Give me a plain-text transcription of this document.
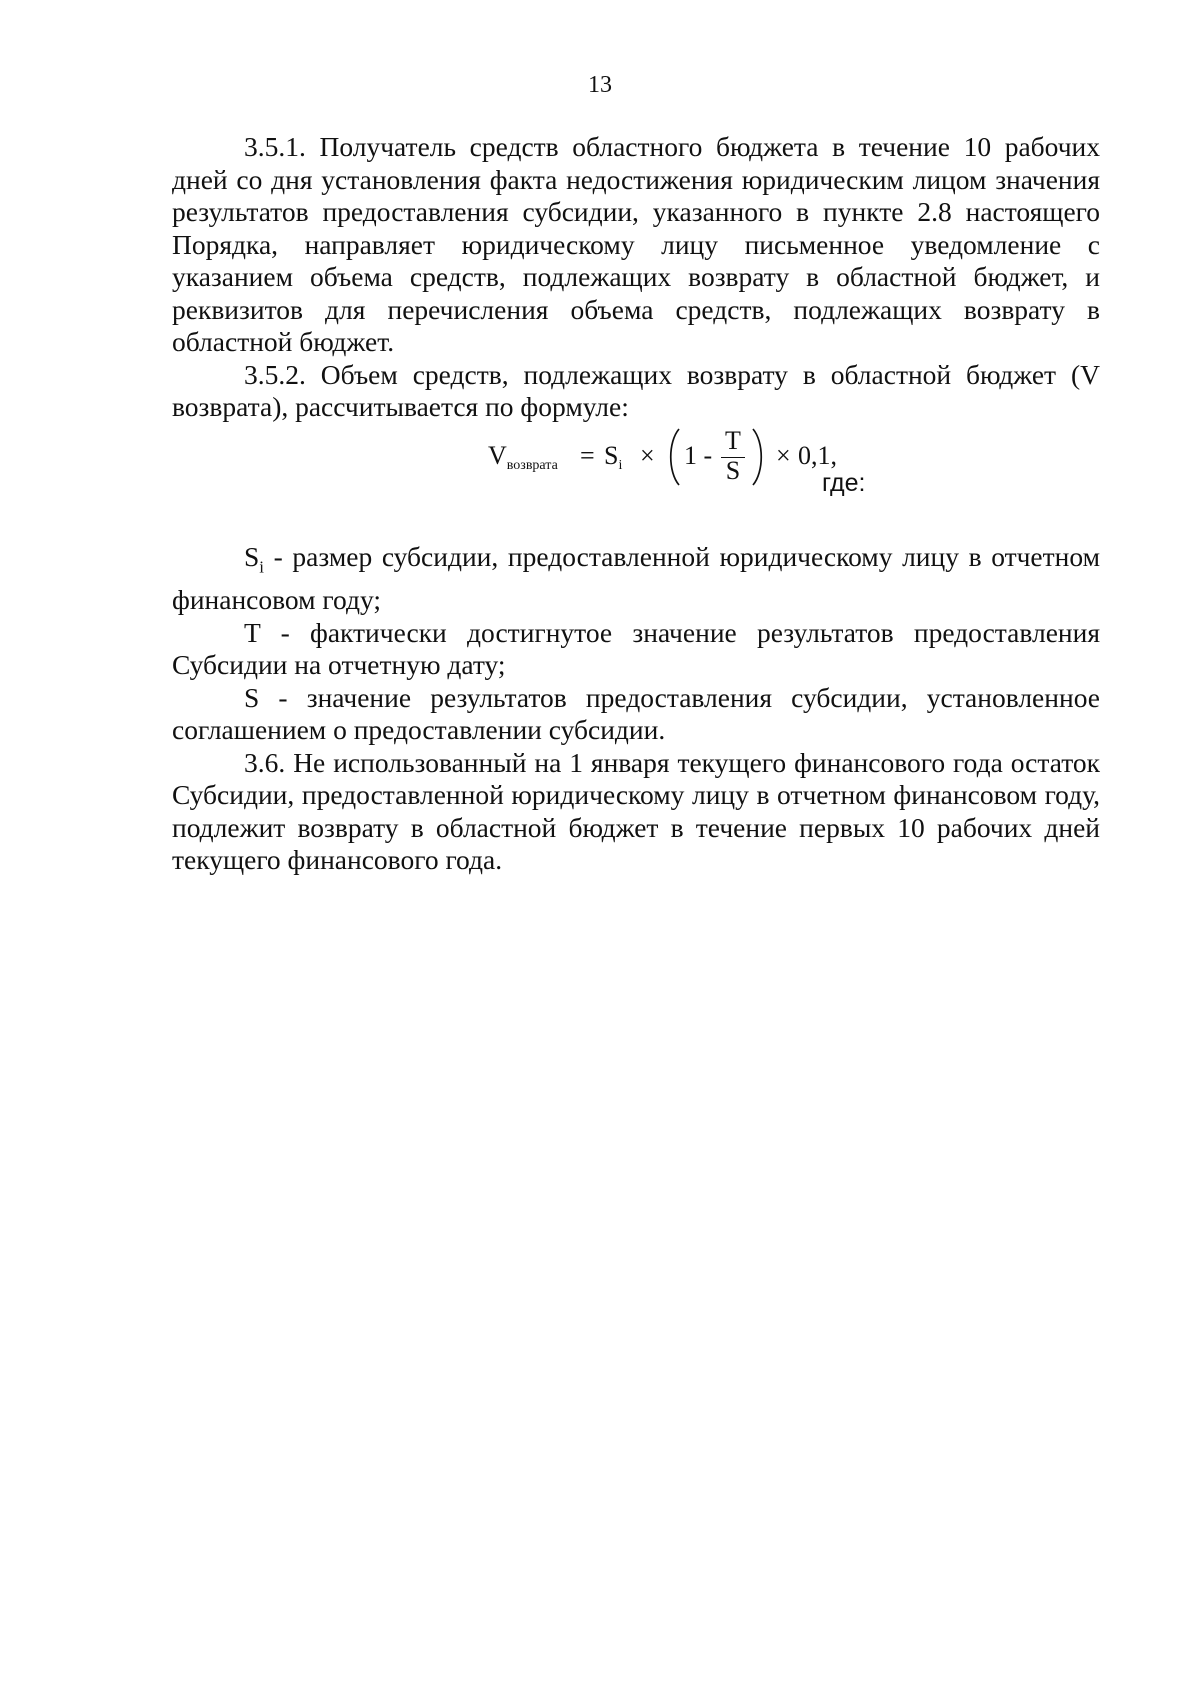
13

3.5.1. Получатель средств областного бюджета в течение 10 рабочих дней со дня установления факта недостижения юридическим лицом значения результатов предоставления субсидии, указанного в пункте 2.8 настоящего Порядка, направляет юридическому лицу письменное уведомление с указанием объема средств, подлежащих возврату в областной бюджет, и реквизитов для перечисления объема средств, подлежащих возврату в областной бюджет.

3.5.2. Объем средств, подлежащих возврату в областной бюджет (V возврата), рассчитывается по формуле:

$V_{возврата} = S_i \times 1$ -
T
S
× 0,1,
где:

$S_i$ - размер субсидии, предоставленной юридическому лицу в отчетном финансовом году;

T - фактически достигнутое значение результатов предоставления Субсидии на отчетную дату;

S - значение результатов предоставления субсидии, установленное соглашением о предоставлении субсидии.

3.6. Не использованный на 1 января текущего финансового года остаток Субсидии, предоставленной юридическому лицу в отчетном финансовом году, подлежит возврату в областной бюджет в течение первых 10 рабочих дней текущего финансового года.
